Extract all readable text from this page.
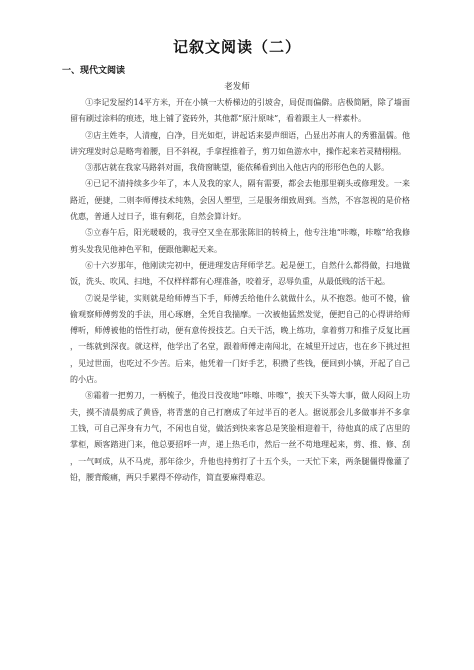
记叙文阅读（二）
一、现代文阅读
老发师

①李记发屋约14平方米，开在小镇一大桥梯边的引坡舍，局促而偏僻。店极简陋，除了墙面留有刷过涂料的痕迹，地上铺了瓷砖外，其他都“原汁原味”，看着跟主人一样素朴。

②店主姓李，人清瘦，白净，目光如炬，讲起话来晏声细语，凸显出苏南人的秀雅温儒。他讲究理发时总是略弯着腰，目不斜视，手拿捏推着子，剪刀如鱼游水中，操作起来若灵精栩栩。

③那店就在我家马路斜对面，我倚窗眺望，能依稀看到出入他店内的形形色色的人影。

④已记不清持续多少年了，本人及我的家人，隔有需要，都会去他那里剃头或修理发。一来路近，便捷，二则李师傅技术纯熟，会因人塑型，三是服务细致周到。当然，不容忽视的是价格优惠，普通人过日子，谁有剩花，自然会算计好。

⑤立春午后，阳光暖暖的，我寻空又坐在那张陈旧的转椅上，他专注地“咔嚓，咔嚓”给我修剪头发我见他神色平和，便跟他聊起天来。

⑥十六岁那年，他刚读完初中，便进理发店拜师学艺。起是便工，自然什么都得做，扫地做饭，洗头、吹风、扫地，不仅样样都有心理准备，咬着牙，忍辱负重，从最低贱的活干起。

⑦说是学徒，实则就是给师傅当下手，师傅丢给他什么就做什么，从不抱怨。他可不傻，偷偷观察师傅剪发的手法，用心琢磨，全凭自我揣摩。一次被他猛然发觉，便把自己的心得讲给师傅听，师傅被他的悟性打动，便有意传授技艺。白天干活，晚上练功，拿着剪刀和推子反复比画，一练就到深夜。就这样，他学出了名堂，跟着师傅走南闯北，在城里开过店，也在乡下挑过担，见过世面，也吃过不少苦。后来，他凭着一门好手艺，积攒了些钱，便回到小镇，开起了自己的小店。

⑧霜着一把剪刀，一柄梳子，他没日没夜地“咔嚓、咔嚓”，挨天下头等大事，做人闷闷上功夫，摸不清晨剪成了黄昏，将青葱的自己打磨成了年过半百的老人。据说那会儿多做事并不多拿工钱，可自己浑身有力气，不闲也自觉，做活到快来客总是笑脸相迎着干，待他真的成了店里的掌柜，顾客踏进门来，他总要招呼一声，递上热毛巾，然后一丝不苟地理起来，剪、推、修、刮，一气呵成，从不马虎，那年徐少，升他也持剪打了十五个头，一天忙下来，两条腿僵得像灌了铅，腰背酸痛，两只手累得不停动作，简直要麻得难忍。
